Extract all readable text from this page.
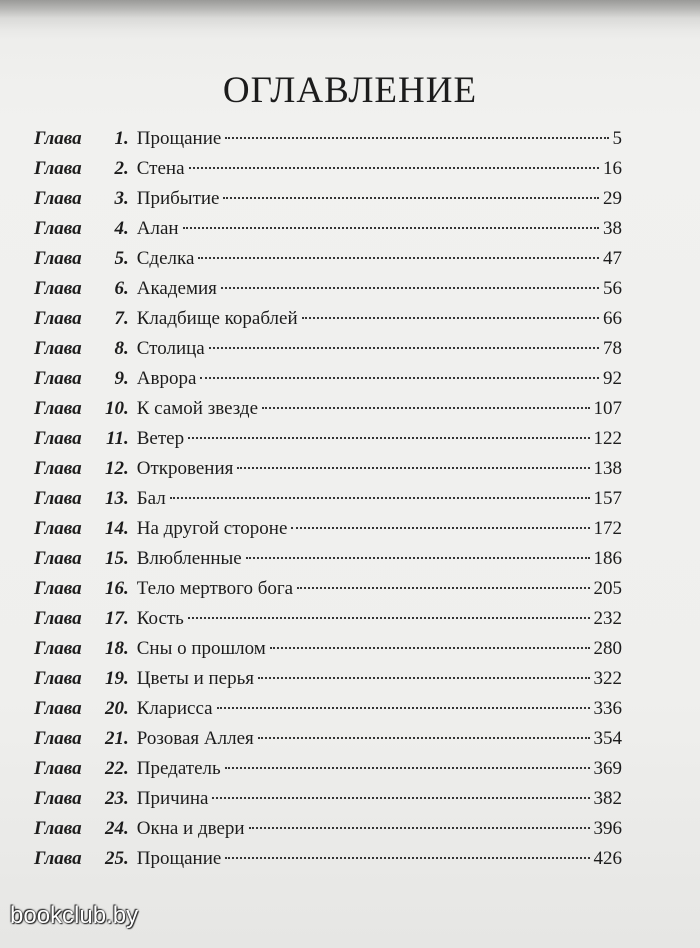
ОГЛАВЛЕНИЕ
Глава	1 . Прощание	5
Глава	2 . Стена	16
Глава	3 . Прибытие	29
Глава	4 . Алан	38
Глава	5 . Сделка	47
Глава	6 . Академия	56
Глава	7 . Кладбище кораблей	66
Глава	8 . Столица	78
Глава	9 . Аврора	92
Глава	10 . К самой звезде	107
Глава	11 . Ветер	122
Глава	12 . Откровения	138
Глава	13 . Бал	157
Глава	14 . На другой стороне	172
Глава	15 . Влюбленные	186
Глава	16 . Тело мертвого бога	205
Глава	17 . Кость	232
Глава	18 . Сны о прошлом	280
Глава	19 . Цветы и перья	322
Глава	20 . Кларисса	336
Глава	21 . Розовая Аллея	354
Глава	22 . Предатель	369
Глава	23 . Причина	382
Глава	24 . Окна и двери	396
Глава	25 . Прощание	426
bookclub.by
